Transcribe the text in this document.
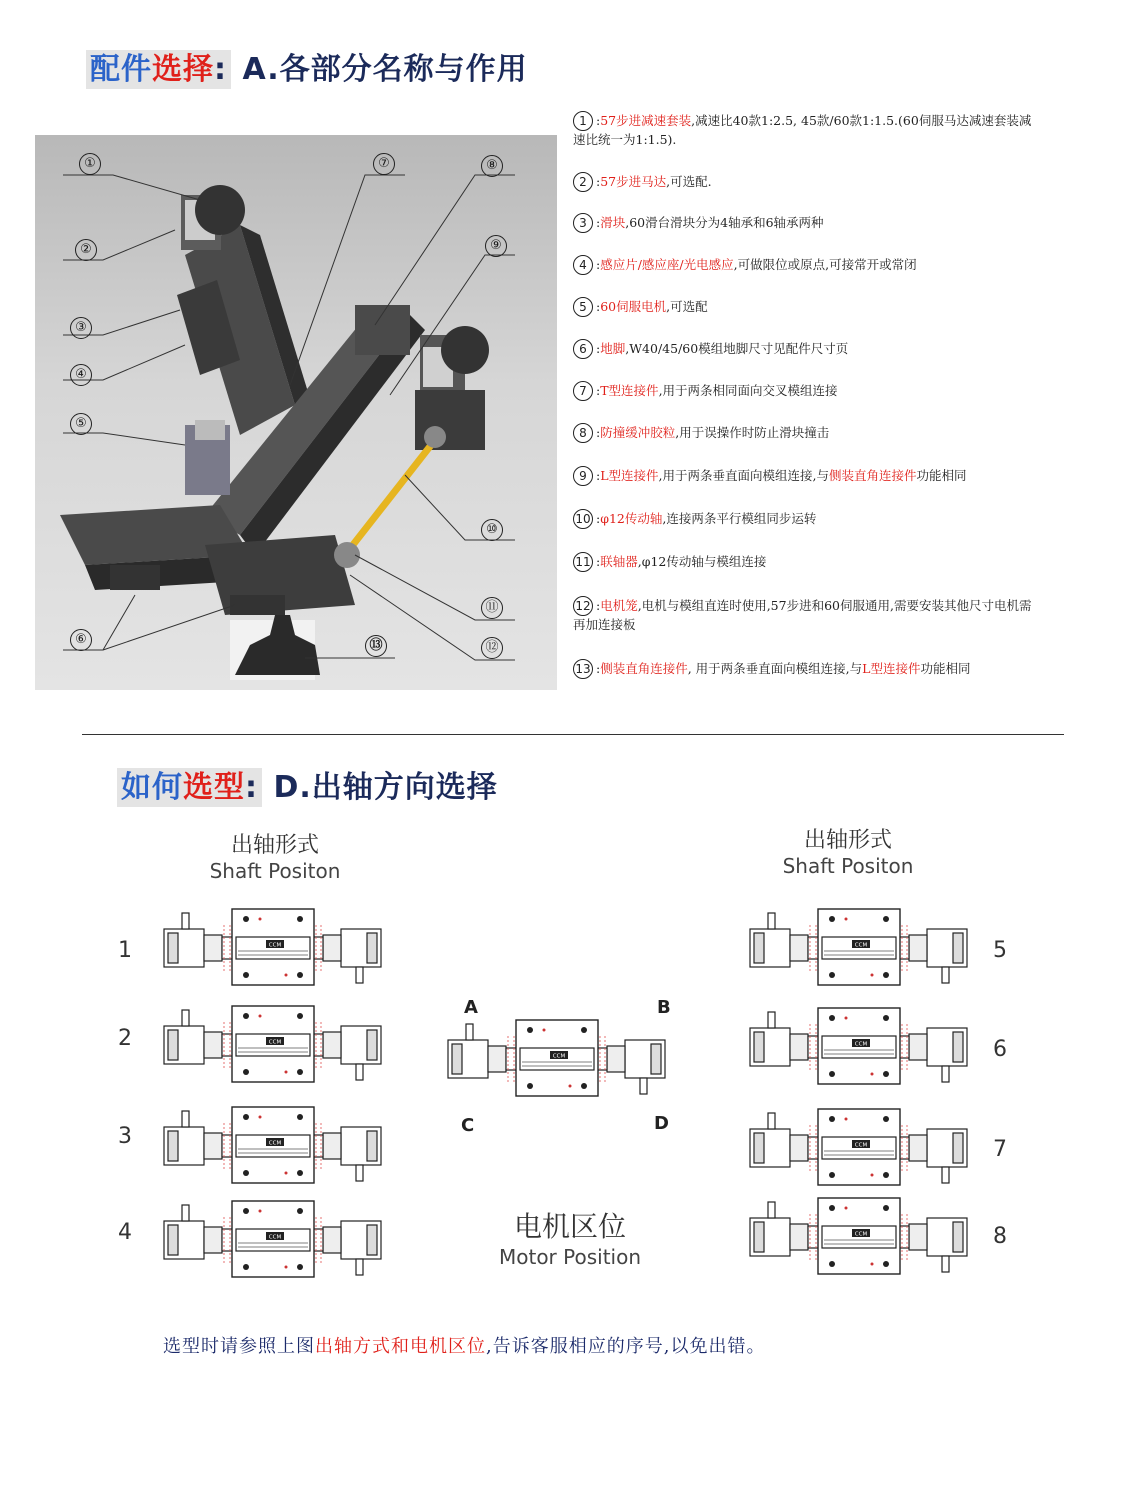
配件选择: A.各部分名称与作用
①
②
③
④
⑤
⑥
⑦	⑧
⑨
⑩
⑪
⑫
⑬
1 :57步进减速套装,减速比40款1:2.5, 45款/60款1:1.5.(60伺服马达减速套装减速比统一为1:1.5).
2 :57步进马达,可选配.
3 :滑块,60滑台滑块分为4轴承和6轴承两种
4 :感应片/感应座/光电感应,可做限位或原点,可接常开或常闭
5 :60伺服电机,可选配
6 :地脚,W40/45/60模组地脚尺寸见配件尺寸页
7 :T型连接件,用于两条相同面向交叉模组连接
8 :防撞缓冲胶粒,用于误操作时防止滑块撞击
9 :L型连接件,用于两条垂直面向模组连接,与侧装直角连接件功能相同
10 :φ12传动轴,连接两条平行模组同步运转
11 :联轴器,φ12传动轴与模组连接
12 :电机笼,电机与模组直连时使用,57步进和60伺服通用,需要安装其他尺寸电机需再加连接板
13 :侧装直角连接件, 用于两条垂直面向模组连接,与L型连接件功能相同
如何选型: D.出轴方向选择
出轴形式
Shaft Positon
出轴形式
Shaft Positon
电机区位
Motor Position
1
2
3
4
5
6
7
8
A	B
C	D
CCM
CCM
CCM
CCM
CCM
CCM
CCM
CCM
CCM
选型时请参照上图出轴方式和电机区位,告诉客服相应的序号,以免出错。
